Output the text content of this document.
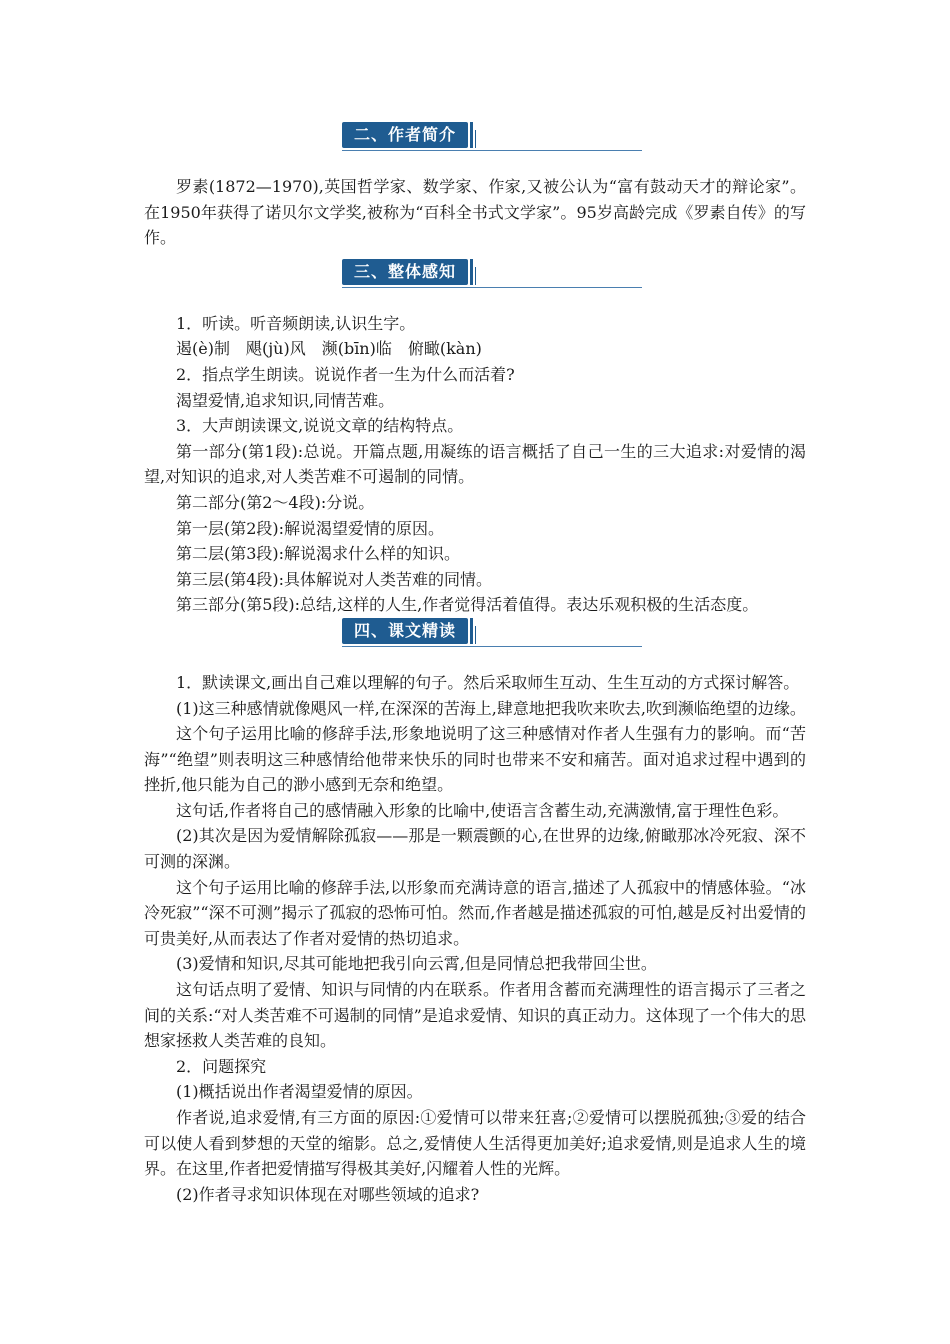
二、作者简介

罗素(1872—1970),英国哲学家、数学家、作家,又被公认为“富有鼓动天才的辩论家”。在1950年获得了诺贝尔文学奖,被称为“百科全书式文学家”。95岁高龄完成《罗素自传》的写作。

三、整体感知

1．听读。听音频朗读,认识生字。

遏(è)制　飓(jù)风　濒(bīn)临　俯瞰(kàn)

2．指点学生朗读。说说作者一生为什么而活着?

渴望爱情,追求知识,同情苦难。

3．大声朗读课文,说说文章的结构特点。

第一部分(第1段):总说。开篇点题,用凝练的语言概括了自己一生的三大追求:对爱情的渴望,对知识的追求,对人类苦难不可遏制的同情。

第二部分(第2～4段):分说。

第一层(第2段):解说渴望爱情的原因。

第二层(第3段):解说渴求什么样的知识。

第三层(第4段):具体解说对人类苦难的同情。

第三部分(第5段):总结,这样的人生,作者觉得活着值得。表达乐观积极的生活态度。

四、课文精读

1．默读课文,画出自己难以理解的句子。然后采取师生互动、生生互动的方式探讨解答。

(1)这三种感情就像飓风一样,在深深的苦海上,肆意地把我吹来吹去,吹到濒临绝望的边缘。

这个句子运用比喻的修辞手法,形象地说明了这三种感情对作者人生强有力的影响。而“苦海”“绝望”则表明这三种感情给他带来快乐的同时也带来不安和痛苦。面对追求过程中遇到的挫折,他只能为自己的渺小感到无奈和绝望。

这句话,作者将自己的感情融入形象的比喻中,使语言含蓄生动,充满激情,富于理性色彩。

(2)其次是因为爱情解除孤寂——那是一颗震颤的心,在世界的边缘,俯瞰那冰冷死寂、深不可测的深渊。

这个句子运用比喻的修辞手法,以形象而充满诗意的语言,描述了人孤寂中的情感体验。“冰冷死寂”“深不可测”揭示了孤寂的恐怖可怕。然而,作者越是描述孤寂的可怕,越是反衬出爱情的可贵美好,从而表达了作者对爱情的热切追求。

(3)爱情和知识,尽其可能地把我引向云霄,但是同情总把我带回尘世。

这句话点明了爱情、知识与同情的内在联系。作者用含蓄而充满理性的语言揭示了三者之间的关系:“对人类苦难不可遏制的同情”是追求爱情、知识的真正动力。这体现了一个伟大的思想家拯救人类苦难的良知。

2．问题探究

(1)概括说出作者渴望爱情的原因。

作者说,追求爱情,有三方面的原因:①爱情可以带来狂喜;②爱情可以摆脱孤独;③爱的结合可以使人看到梦想的天堂的缩影。总之,爱情使人生活得更加美好;追求爱情,则是追求人生的境界。在这里,作者把爱情描写得极其美好,闪耀着人性的光辉。

(2)作者寻求知识体现在对哪些领域的追求?
